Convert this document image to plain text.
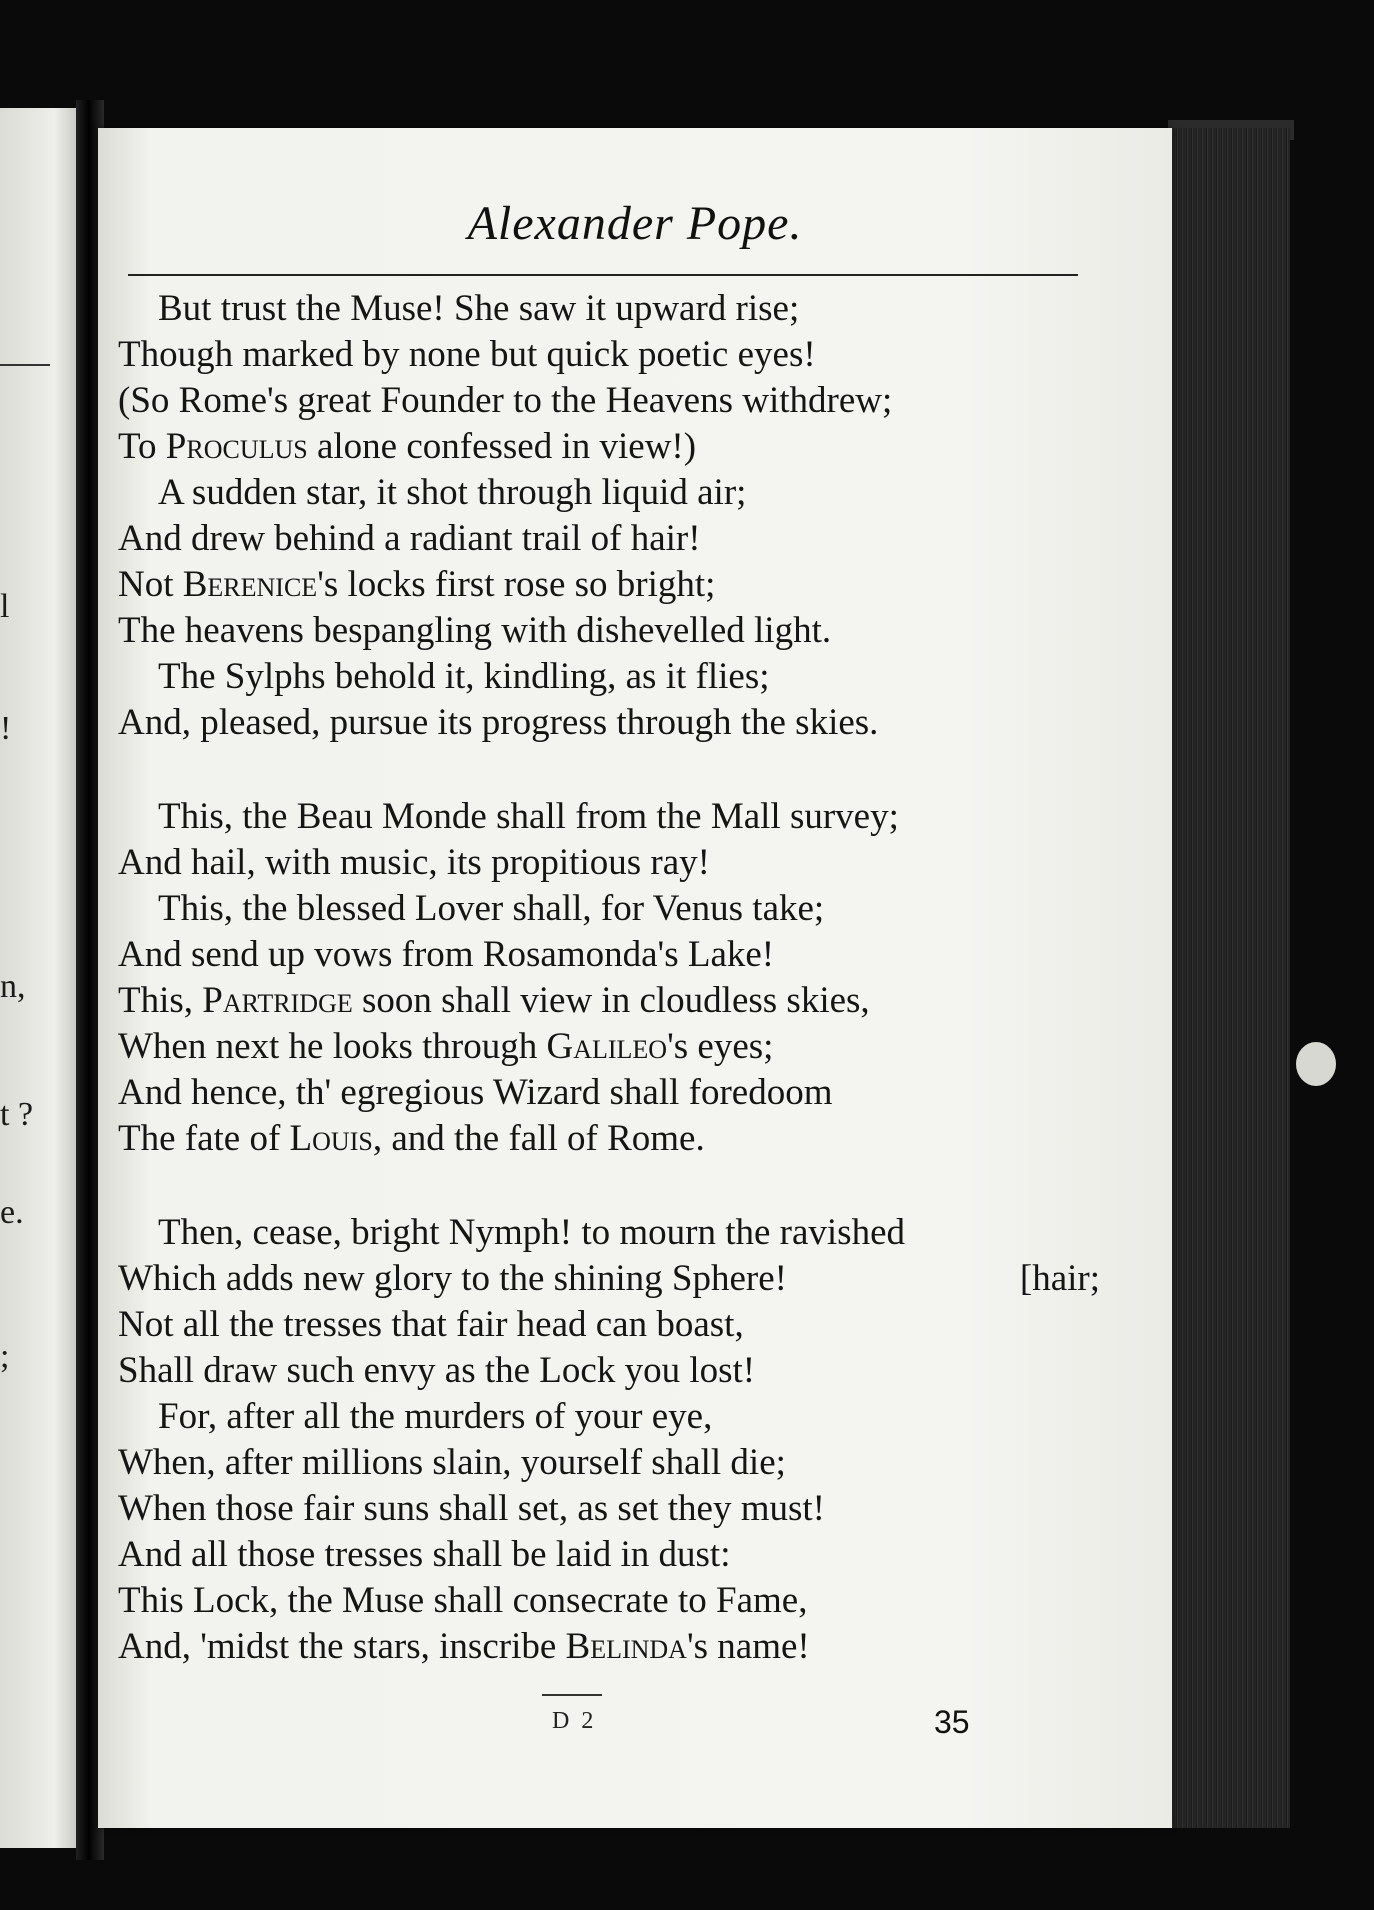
l
!
n,
t ?
e.
;
Alexander Pope.
But trust the Muse! She saw it upward rise;
Though marked by none but quick poetic eyes!
(So Rome's great Founder to the Heavens withdrew;
To Proculus alone confessed in view!)
A sudden star, it shot through liquid air;
And drew behind a radiant trail of hair!
Not Berenice's locks first rose so bright;
The heavens bespangling with dishevelled light.
The Sylphs behold it, kindling, as it flies;
And, pleased, pursue its progress through the skies.
This, the Beau Monde shall from the Mall survey;
And hail, with music, its propitious ray!
This, the blessed Lover shall, for Venus take;
And send up vows from Rosamonda's Lake!
This, Partridge soon shall view in cloudless skies,
When next he looks through Galileo's eyes;
And hence, th' egregious Wizard shall foredoom
The fate of Louis, and the fall of Rome.
Then, cease, bright Nymph! to mourn the ravished
Which adds new glory to the shining Sphere!	[hair;
Not all the tresses that fair head can boast,
Shall draw such envy as the Lock you lost!
For, after all the murders of your eye,
When, after millions slain, yourself shall die;
When those fair suns shall set, as set they must!
And all those tresses shall be laid in dust:
This Lock, the Muse shall consecrate to Fame,
And, 'midst the stars, inscribe Belinda's name!
D 2	35
